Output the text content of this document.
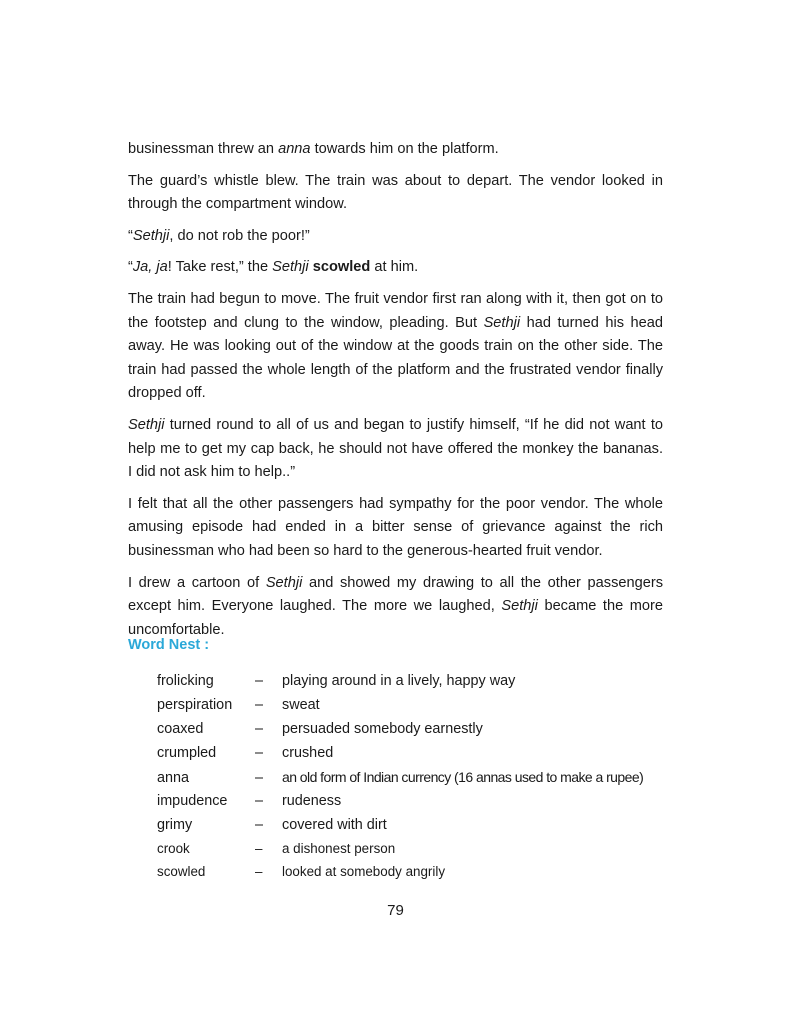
businessman threw an anna towards him on the platform.

The guard’s whistle blew. The train was about to depart. The vendor looked in through the compartment window.

“Sethji, do not rob the poor!”

“Ja, ja! Take rest,” the Sethji scowled at him.

The train had begun to move. The fruit vendor first ran along with it, then got on to the footstep and clung to the window, pleading. But Sethji had turned his head away. He was looking out of the window at the goods train on the other side. The train had passed the whole length of the platform and the frustrated vendor finally dropped off.

Sethji turned round to all of us and began to justify himself, “If he did not want to help me to get my cap back, he should not have offered the monkey the bananas. I did not ask him to help..”

I felt that all the other passengers had sympathy for the poor vendor. The whole amusing episode had ended in a bitter sense of grievance against the rich businessman who had been so hard to the generous-hearted fruit vendor.

I drew a cartoon of Sethji and showed my drawing to all the other passengers except him. Everyone laughed. The more we laughed, Sethji became the more uncomfortable.

Word Nest :
frolicking	–	playing around in a lively, happy way
perspiration	–	sweat
coaxed	–	persuaded somebody earnestly
crumpled	–	crushed
anna	–	an old form of Indian currency (16 annas used to make a rupee)
impudence	–	rudeness
grimy	–	covered with dirt
crook	–	a dishonest person
scowled	–	looked at somebody angrily
79
